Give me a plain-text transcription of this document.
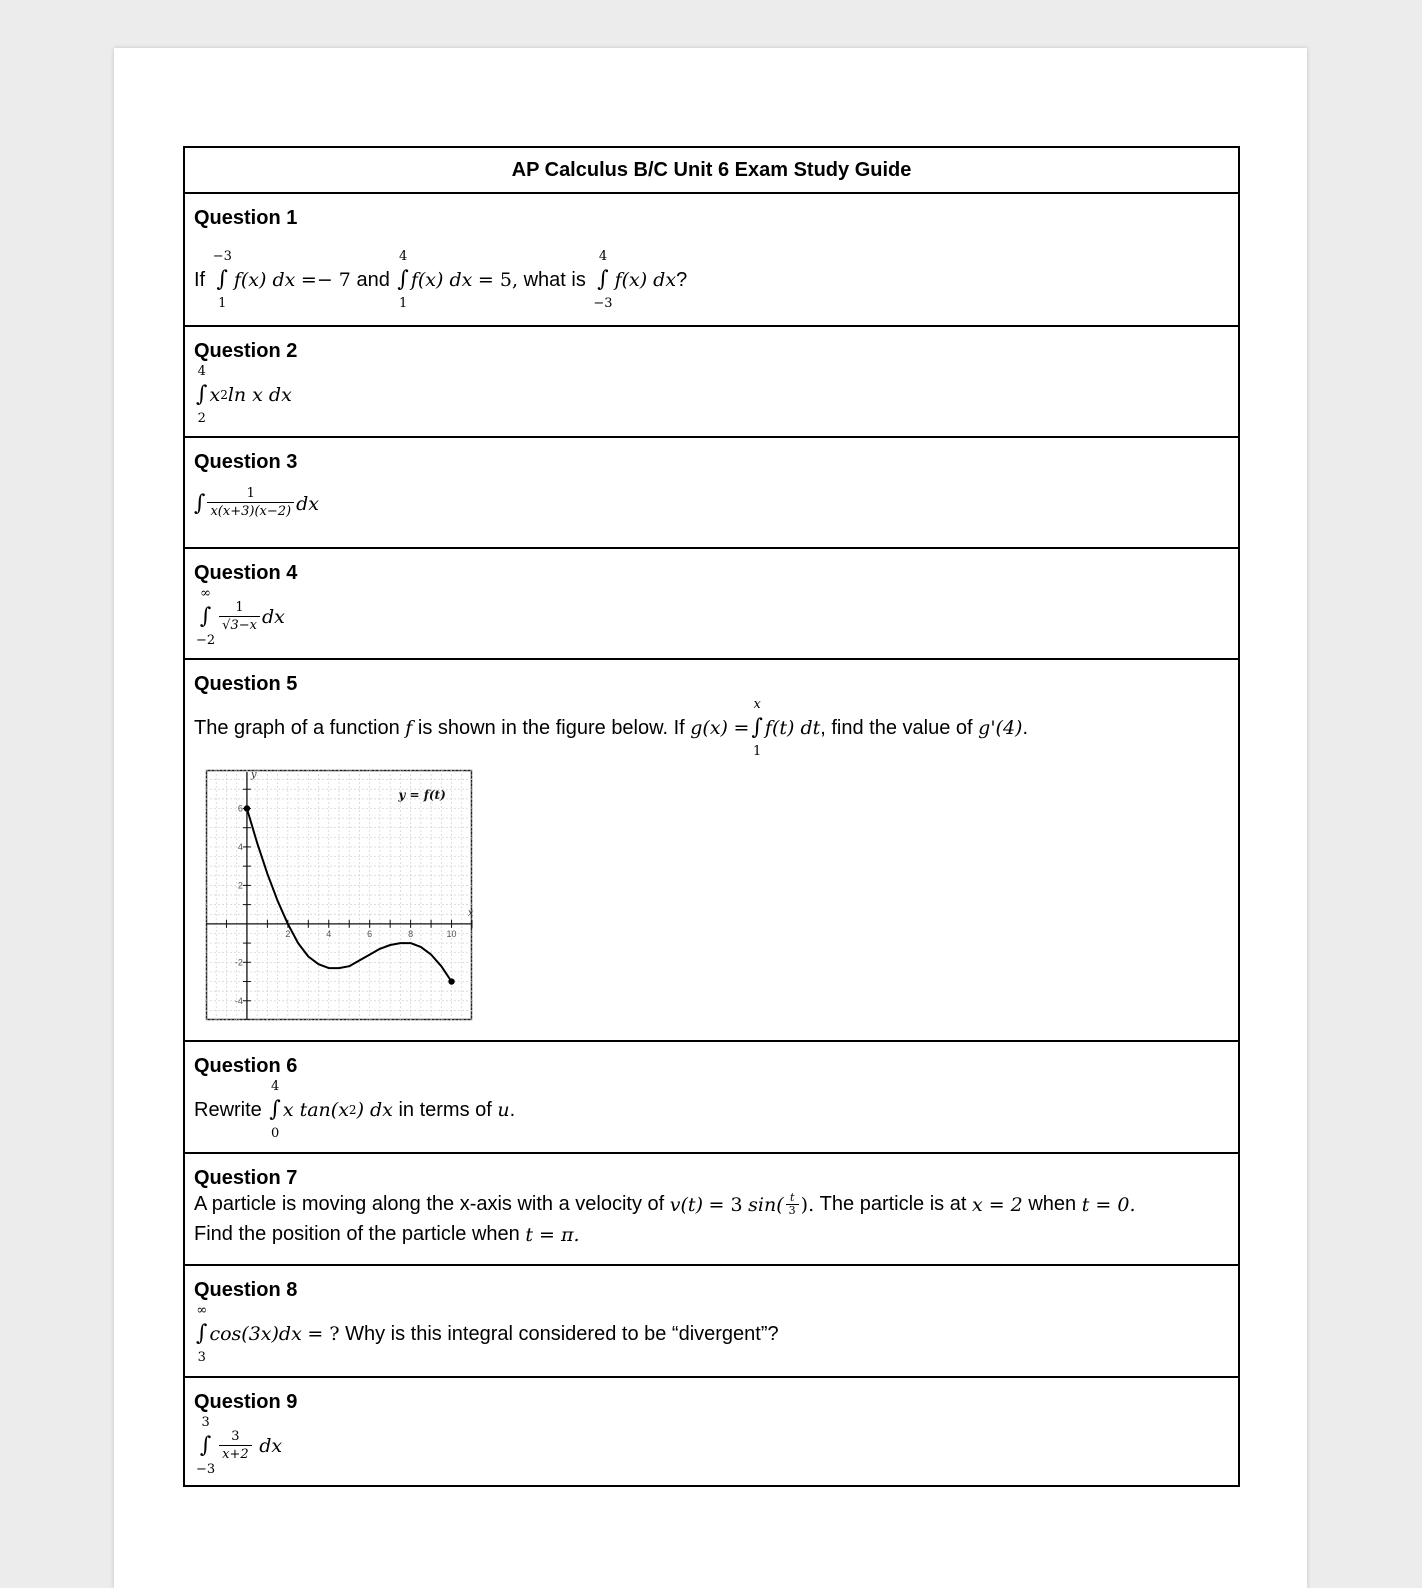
AP Calculus B/C Unit 6 Exam Study Guide

Question 1
If

−3
∫
1
f(x) dx
=− 7
and

4
∫
1
f(x) dx
= 5,
what is

4
∫
−3
f(x) dx ?

Question 2
4
∫
2
x 2 ln x dx

Question 3
∫ $\frac{1}{x(x+3)(x-2)}$ dx

Question 4
∞
∫
−2
$\frac{1}{√3-x}$ dx

Question 5
The graph of a function
f
is shown in the figure below. If
g(x)
=
x
∫
1
f(t) dt , find the value of
g'(4) .
2	4	6	8	10
6
4
2
-2
-4
x
y
y = f(t)

Question 6
Rewrite

4
∫
0
x tan(x 2 ) dx
in terms of
u .

Question 7
A particle is moving along the x-axis with a velocity of
v(t)
= 3
$\sin( \frac{t}{3}$ ).
The particle is at
x = 2
when
t = 0.
Find the position of the particle when
t = π.

Question 8
∞
∫
3
cos(3x)dx
= ?
Why is this integral considered to be “divergent”?

Question 9
3
∫
−3
$\frac{3}{x+2}$
dx
